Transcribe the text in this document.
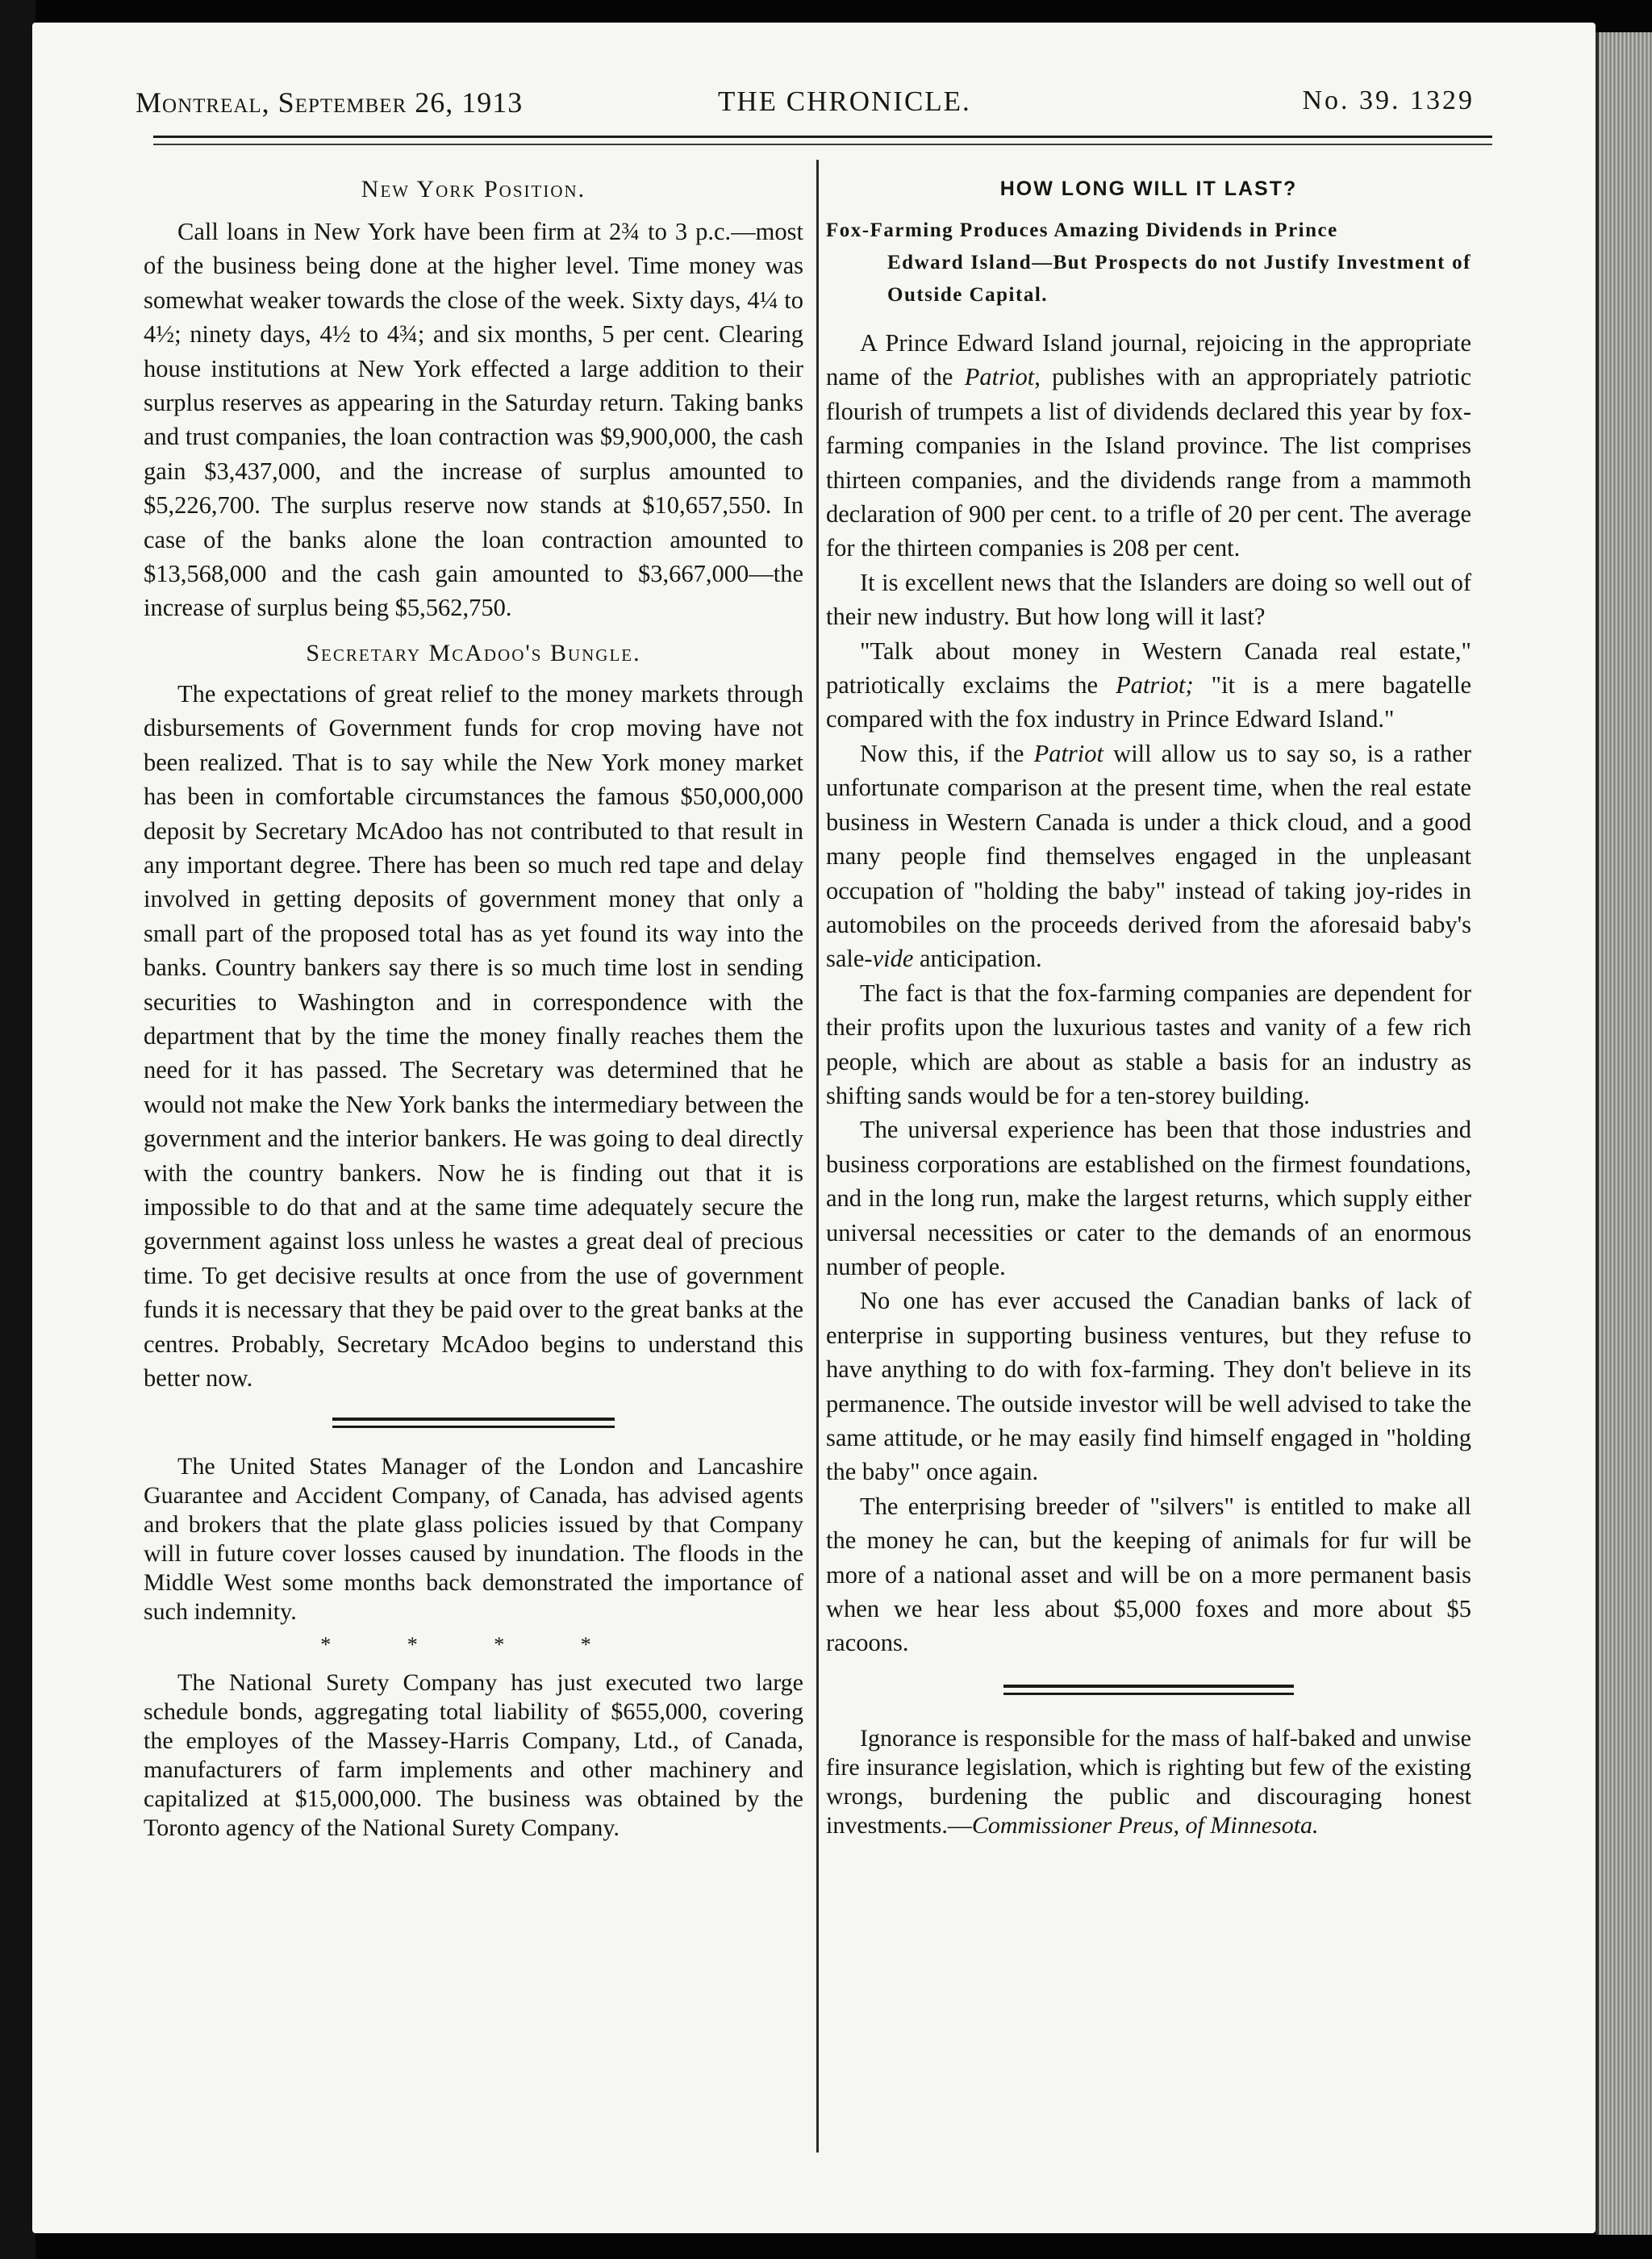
Montreal, September 26, 1913	THE CHRONICLE.	No. 39. 1329
New York Position.

Call loans in New York have been firm at 2¾ to 3 p.c.—most of the business being done at the higher level. Time money was somewhat weaker towards the close of the week. Sixty days, 4¼ to 4½; ninety days, 4½ to 4¾; and six months, 5 per cent. Clearing house institutions at New York effected a large addition to their surplus reserves as appearing in the Saturday return. Taking banks and trust companies, the loan contraction was $9,900,000, the cash gain $3,437,000, and the increase of surplus amounted to $5,226,700. The surplus reserve now stands at $10,657,550. In case of the banks alone the loan contraction amounted to $13,568,000 and the cash gain amounted to $3,667,000—the increase of surplus being $5,562,750.

Secretary McAdoo's Bungle.

The expectations of great relief to the money markets through disbursements of Government funds for crop moving have not been realized. That is to say while the New York money market has been in comfortable circumstances the famous $50,000,000 deposit by Secretary McAdoo has not contributed to that result in any important degree. There has been so much red tape and delay involved in getting deposits of government money that only a small part of the proposed total has as yet found its way into the banks. Country bankers say there is so much time lost in sending securities to Washington and in correspondence with the department that by the time the money finally reaches them the need for it has passed. The Secretary was determined that he would not make the New York banks the intermediary between the government and the interior bankers. He was going to deal directly with the country bankers. Now he is finding out that it is impossible to do that and at the same time adequately secure the government against loss unless he wastes a great deal of precious time. To get decisive results at once from the use of government funds it is necessary that they be paid over to the great banks at the centres. Probably, Secretary McAdoo begins to understand this better now.

The United States Manager of the London and Lancashire Guarantee and Accident Company, of Canada, has advised agents and brokers that the plate glass policies issued by that Company will in future cover losses caused by inundation. The floods in the Middle West some months back demonstrated the importance of such indemnity.

* * * *

The National Surety Company has just executed two large schedule bonds, aggregating total liability of $655,000, covering the employes of the Massey-Harris Company, Ltd., of Canada, manufacturers of farm implements and other machinery and capitalized at $15,000,000. The business was obtained by the Toronto agency of the National Surety Company.

HOW LONG WILL IT LAST?
Fox-Farming Produces Amazing Dividends in Prince
Edward Island—But Prospects do not Justify Investment of Outside Capital.

A Prince Edward Island journal, rejoicing in the appropriate name of the Patriot, publishes with an appropriately patriotic flourish of trumpets a list of dividends declared this year by fox-farming companies in the Island province. The list comprises thirteen companies, and the dividends range from a mammoth declaration of 900 per cent. to a trifle of 20 per cent. The average for the thirteen companies is 208 per cent.

It is excellent news that the Islanders are doing so well out of their new industry. But how long will it last?

"Talk about money in Western Canada real estate," patriotically exclaims the Patriot; "it is a mere bagatelle compared with the fox industry in Prince Edward Island."

Now this, if the Patriot will allow us to say so, is a rather unfortunate comparison at the present time, when the real estate business in Western Canada is under a thick cloud, and a good many people find themselves engaged in the unpleasant occupation of "holding the baby" instead of taking joy-rides in automobiles on the proceeds derived from the aforesaid baby's sale-vide anticipation.

The fact is that the fox-farming companies are dependent for their profits upon the luxurious tastes and vanity of a few rich people, which are about as stable a basis for an industry as shifting sands would be for a ten-storey building.

The universal experience has been that those industries and business corporations are established on the firmest foundations, and in the long run, make the largest returns, which supply either universal necessities or cater to the demands of an enormous number of people.

No one has ever accused the Canadian banks of lack of enterprise in supporting business ventures, but they refuse to have anything to do with fox-farming. They don't believe in its permanence. The outside investor will be well advised to take the same attitude, or he may easily find himself engaged in "holding the baby" once again.

The enterprising breeder of "silvers" is entitled to make all the money he can, but the keeping of animals for fur will be more of a national asset and will be on a more permanent basis when we hear less about $5,000 foxes and more about $5 racoons.

Ignorance is responsible for the mass of half-baked and unwise fire insurance legislation, which is righting but few of the existing wrongs, burdening the public and discouraging honest investments.—Commissioner Preus, of Minnesota.
